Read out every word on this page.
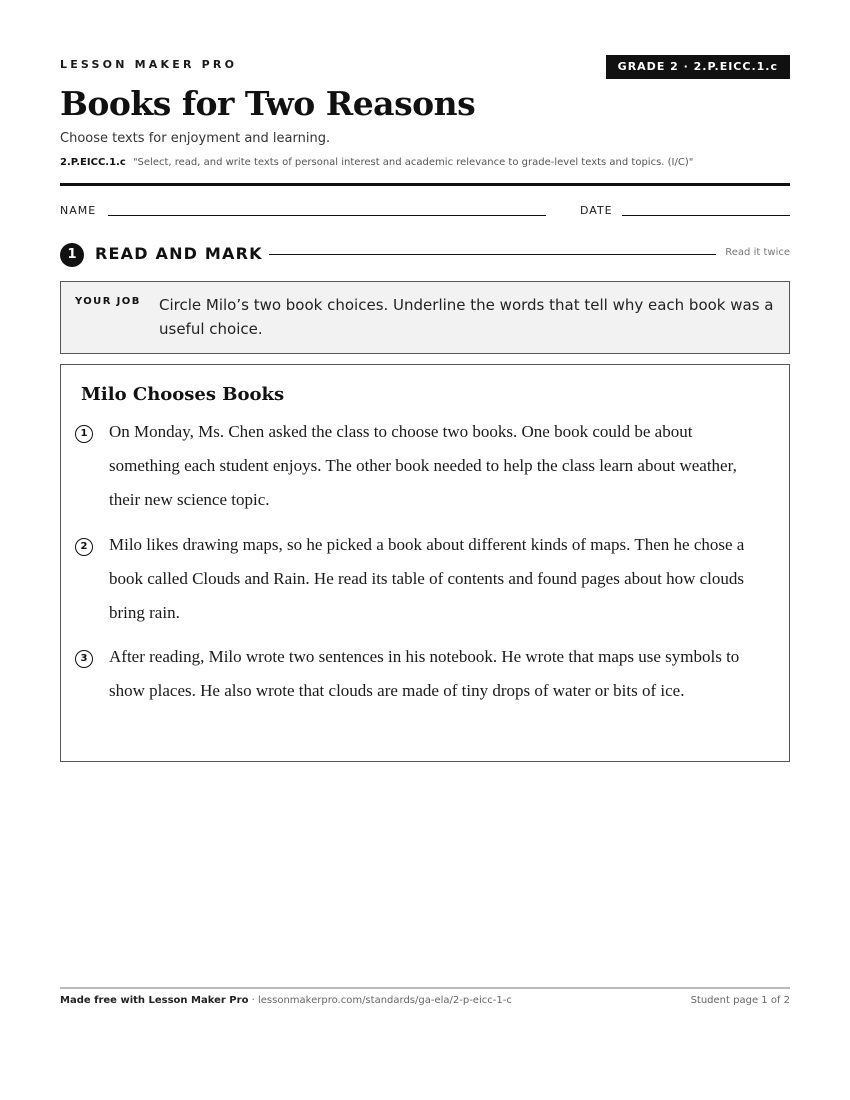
LESSON MAKER PRO	GRADE 2 · 2.P.EICC.1.c
Books for Two Reasons
Choose texts for enjoyment and learning.
2.P.EICC.1.c "Select, read, and write texts of personal interest and academic relevance to grade-level texts and topics. (I/C)"
NAME	DATE
1	READ AND MARK	Read it twice
YOUR JOB Circle Milo’s two book choices. Underline the words that tell why each book was a useful choice.
Milo Chooses Books
1	On Monday, Ms. Chen asked the class to choose two books. One book could be about something each student enjoys. The other book needed to help the class learn about weather, their new science topic.
2	Milo likes drawing maps, so he picked a book about different kinds of maps. Then he chose a book called Clouds and Rain. He read its table of contents and found pages about how clouds bring rain.
3	After reading, Milo wrote two sentences in his notebook. He wrote that maps use symbols to show places. He also wrote that clouds are made of tiny drops of water or bits of ice.
Made free with Lesson Maker Pro · lessonmakerpro.com/standards/ga-ela/2-p-eicc-1-c	Student page 1 of 2
